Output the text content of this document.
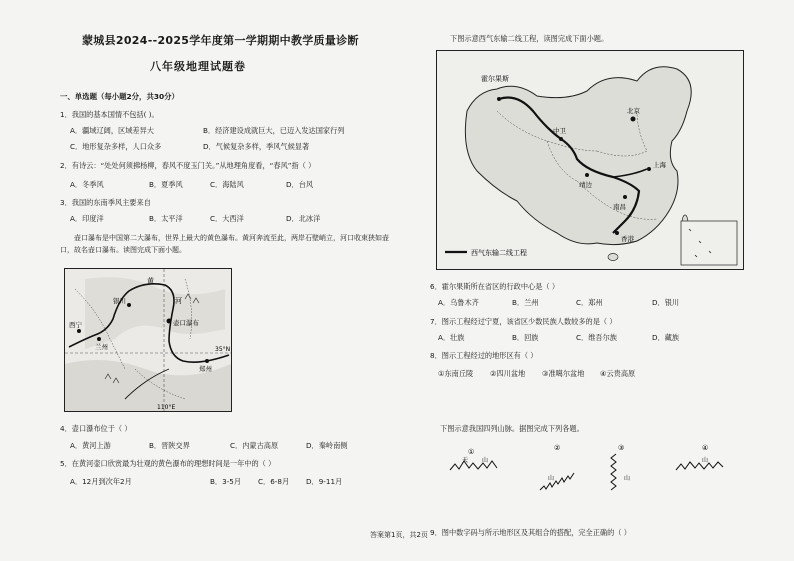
蒙城县2024--2025学年度第一学期期中教学质量诊断
八年级地理试题卷
一、单选题（每小题2分，共30分）
1．我国的基本国情不包括( )。
A．疆域辽阔，区域差异大	B．经济建设成就巨大，已迈入发达国家行列
C．地形复杂多样，人口众多	D．气候复杂多样，季风气候显著
2．有诗云：“处处何须拂杨柳，春风不度玉门关。”从地理角度看，“春风”指（ ）
A．冬季风	B．夏季风	C．海陆风	D．台风
3．我国的东南季风主要来自
A．印度洋	B．太平洋	C．大西洋	D．北冰洋
壶口瀑布是中国第二大瀑布，世界上最大的黄色瀑布。黄河奔流至此，两岸石壁峭立，河口收束狭如壶口，故名壶口瀑布。读图完成下面小题。
黄
河
银川
西宁
兰州
壶口瀑布
郑州
35°N
110°E
4．壶口瀑布位于（ ）
A．黄河上游	B．晋陕交界	C．内蒙古高原	D．秦岭南侧
5．在黄河壶口欣赏最为壮观的黄色瀑布的理想时间是一年中的（ ）
A．12月到次年2月	B．3-5月 C．6-8月 D．9-11月
下图示意西气东输二线工程，读图完成下面小题。
霍尔果斯
中卫
北京
靖边
南昌
上海
香港
西气东输二线工程
6．霍尔果斯所在省区的行政中心是（ ）
A．乌鲁木齐	B．兰州	C．郑州	D．银川
7．图示工程经过宁夏，该省区少数民族人数较多的是（ ）
A．壮族	B．回族	C．维吾尔族	D．藏族
8．图示工程经过的地形区有（ ）
①东南丘陵 ②四川盆地 ③准噶尔盆地 ④云贵高原
下图示意我国四列山脉。据图完成下列各题。
①
天 山
②
山
③
山
④
山
9．图中数字码与所示地形区及其组合的搭配，完全正确的（ ）
答案第1页，共2页
